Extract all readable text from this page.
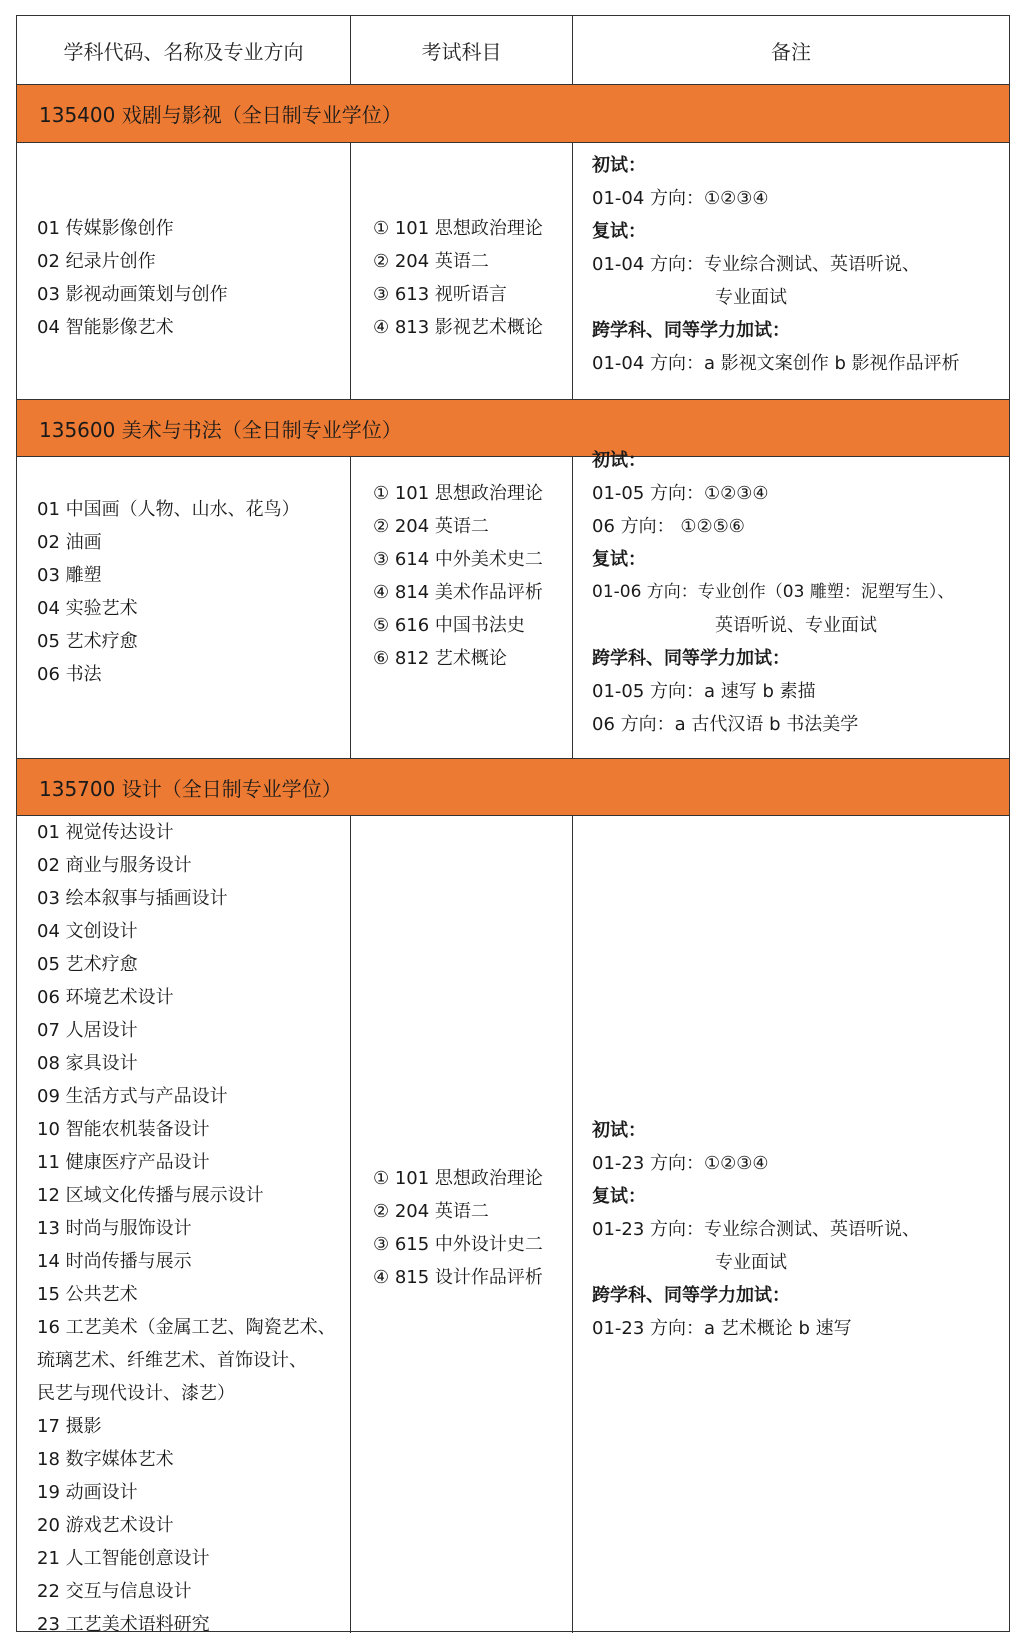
学科代码、名称及专业方向	考试科目	备注
135400 戏剧与影视（全日制专业学位）
135600 美术与书法（全日制专业学位）
135700 设计（全日制专业学位）
01 传媒影像创作
02 纪录片创作
03 影视动画策划与创作
04 智能影像艺术
① 101 思想政治理论
② 204 英语二
③ 613 视听语言
④ 813 影视艺术概论
初试：
01-04 方向：①②③④
复试：
01-04 方向：专业综合测试、英语听说、
专业面试
跨学科、同等学力加试：
01-04 方向：a 影视文案创作 b 影视作品评析
01 中国画（人物、山水、花鸟）
02 油画
03 雕塑
04 实验艺术
05 艺术疗愈
06 书法
① 101 思想政治理论
② 204 英语二
③ 614 中外美术史二
④ 814 美术作品评析
⑤ 616 中国书法史
⑥ 812 艺术概论
初试：
01-05 方向：①②③④
06 方向： ①②⑤⑥
复试：
01-06 方向：专业创作（03 雕塑：泥塑写生）、
英语听说、专业面试
跨学科、同等学力加试：
01-05 方向：a 速写 b 素描
06 方向：a 古代汉语 b 书法美学
01 视觉传达设计
02 商业与服务设计
03 绘本叙事与插画设计
04 文创设计
05 艺术疗愈
06 环境艺术设计
07 人居设计
08 家具设计
09 生活方式与产品设计
10 智能农机装备设计
11 健康医疗产品设计
12 区域文化传播与展示设计
13 时尚与服饰设计
14 时尚传播与展示
15 公共艺术
16 工艺美术（金属工艺、陶瓷艺术、
琉璃艺术、纤维艺术、首饰设计、
民艺与现代设计、漆艺）
17 摄影
18 数字媒体艺术
19 动画设计
20 游戏艺术设计
21 人工智能创意设计
22 交互与信息设计
23 工艺美术语料研究
① 101 思想政治理论
② 204 英语二
③ 615 中外设计史二
④ 815 设计作品评析
初试：
01-23 方向：①②③④
复试：
01-23 方向：专业综合测试、英语听说、
专业面试
跨学科、同等学力加试：
01-23 方向：a 艺术概论 b 速写
